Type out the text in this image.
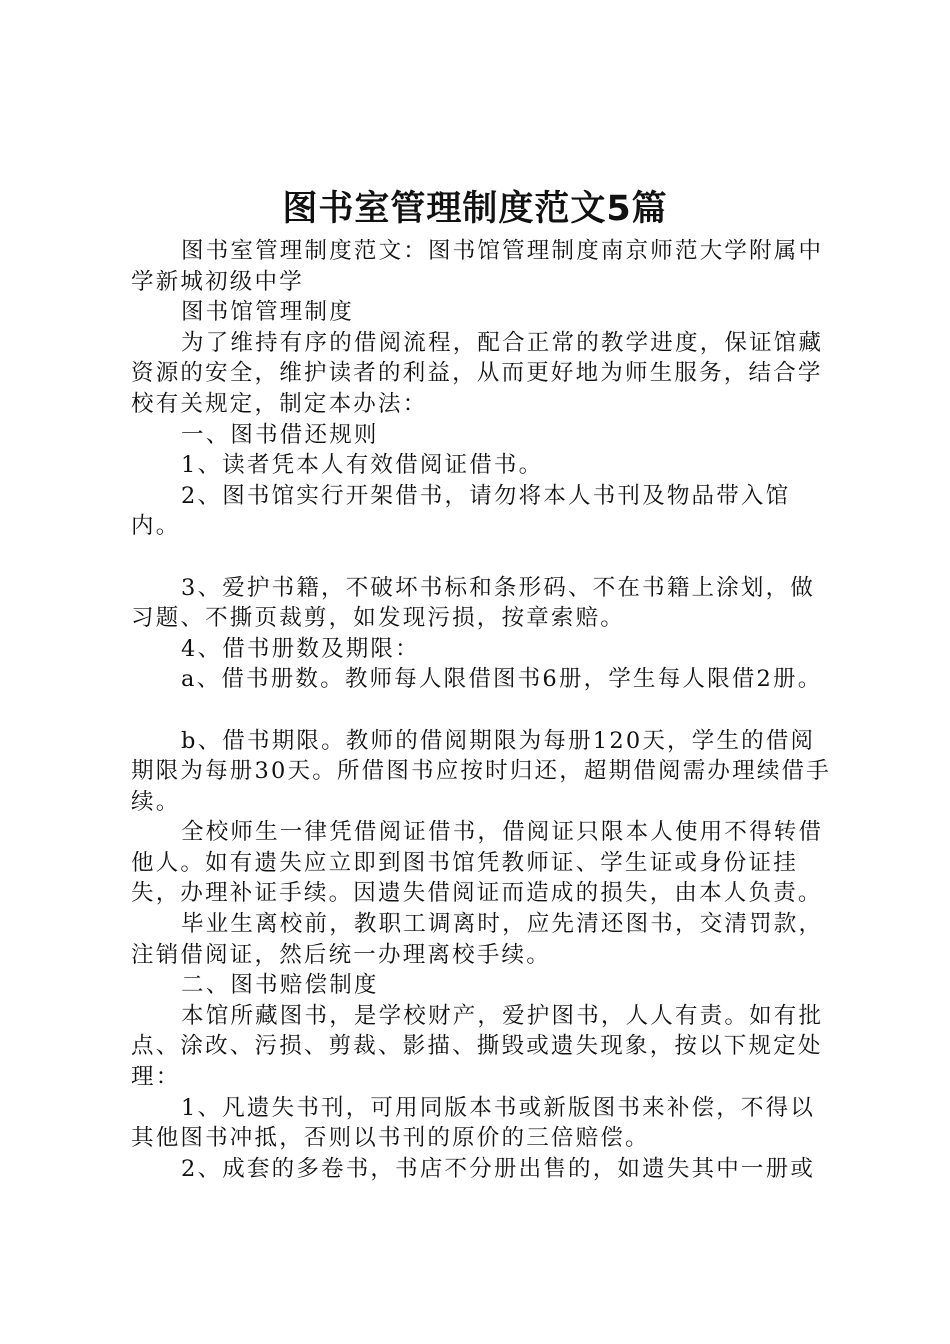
图书室管理制度范文5篇

图书室管理制度范文：图书馆管理制度南京师范大学附属中学新城初级中学

图书馆管理制度

为了维持有序的借阅流程，配合正常的教学进度，保证馆藏资源的安全，维护读者的利益，从而更好地为师生服务，结合学校有关规定，制定本办法：

一、图书借还规则

1、读者凭本人有效借阅证借书。

2、图书馆实行开架借书，请勿将本人书刊及物品带入馆内。

3、爱护书籍，不破坏书标和条形码、不在书籍上涂划，做习题、不撕页裁剪，如发现污损，按章索赔。

4、借书册数及期限：

a、借书册数。教师每人限借图书6册，学生每人限借2册。

b、借书期限。教师的借阅期限为每册120天，学生的借阅期限为每册30天。所借图书应按时归还，超期借阅需办理续借手续。

全校师生一律凭借阅证借书，借阅证只限本人使用不得转借他人。如有遗失应立即到图书馆凭教师证、学生证或身份证挂失，办理补证手续。因遗失借阅证而造成的损失，由本人负责。

毕业生离校前，教职工调离时，应先清还图书，交清罚款，注销借阅证，然后统一办理离校手续。

二、图书赔偿制度

本馆所藏图书，是学校财产，爱护图书，人人有责。如有批点、涂改、污损、剪裁、影描、撕毁或遗失现象，按以下规定处理：

1、凡遗失书刊，可用同版本书或新版图书来补偿，不得以其他图书冲抵，否则以书刊的原价的三倍赔偿。

2、成套的多卷书，书店不分册出售的，如遗失其中一册或
